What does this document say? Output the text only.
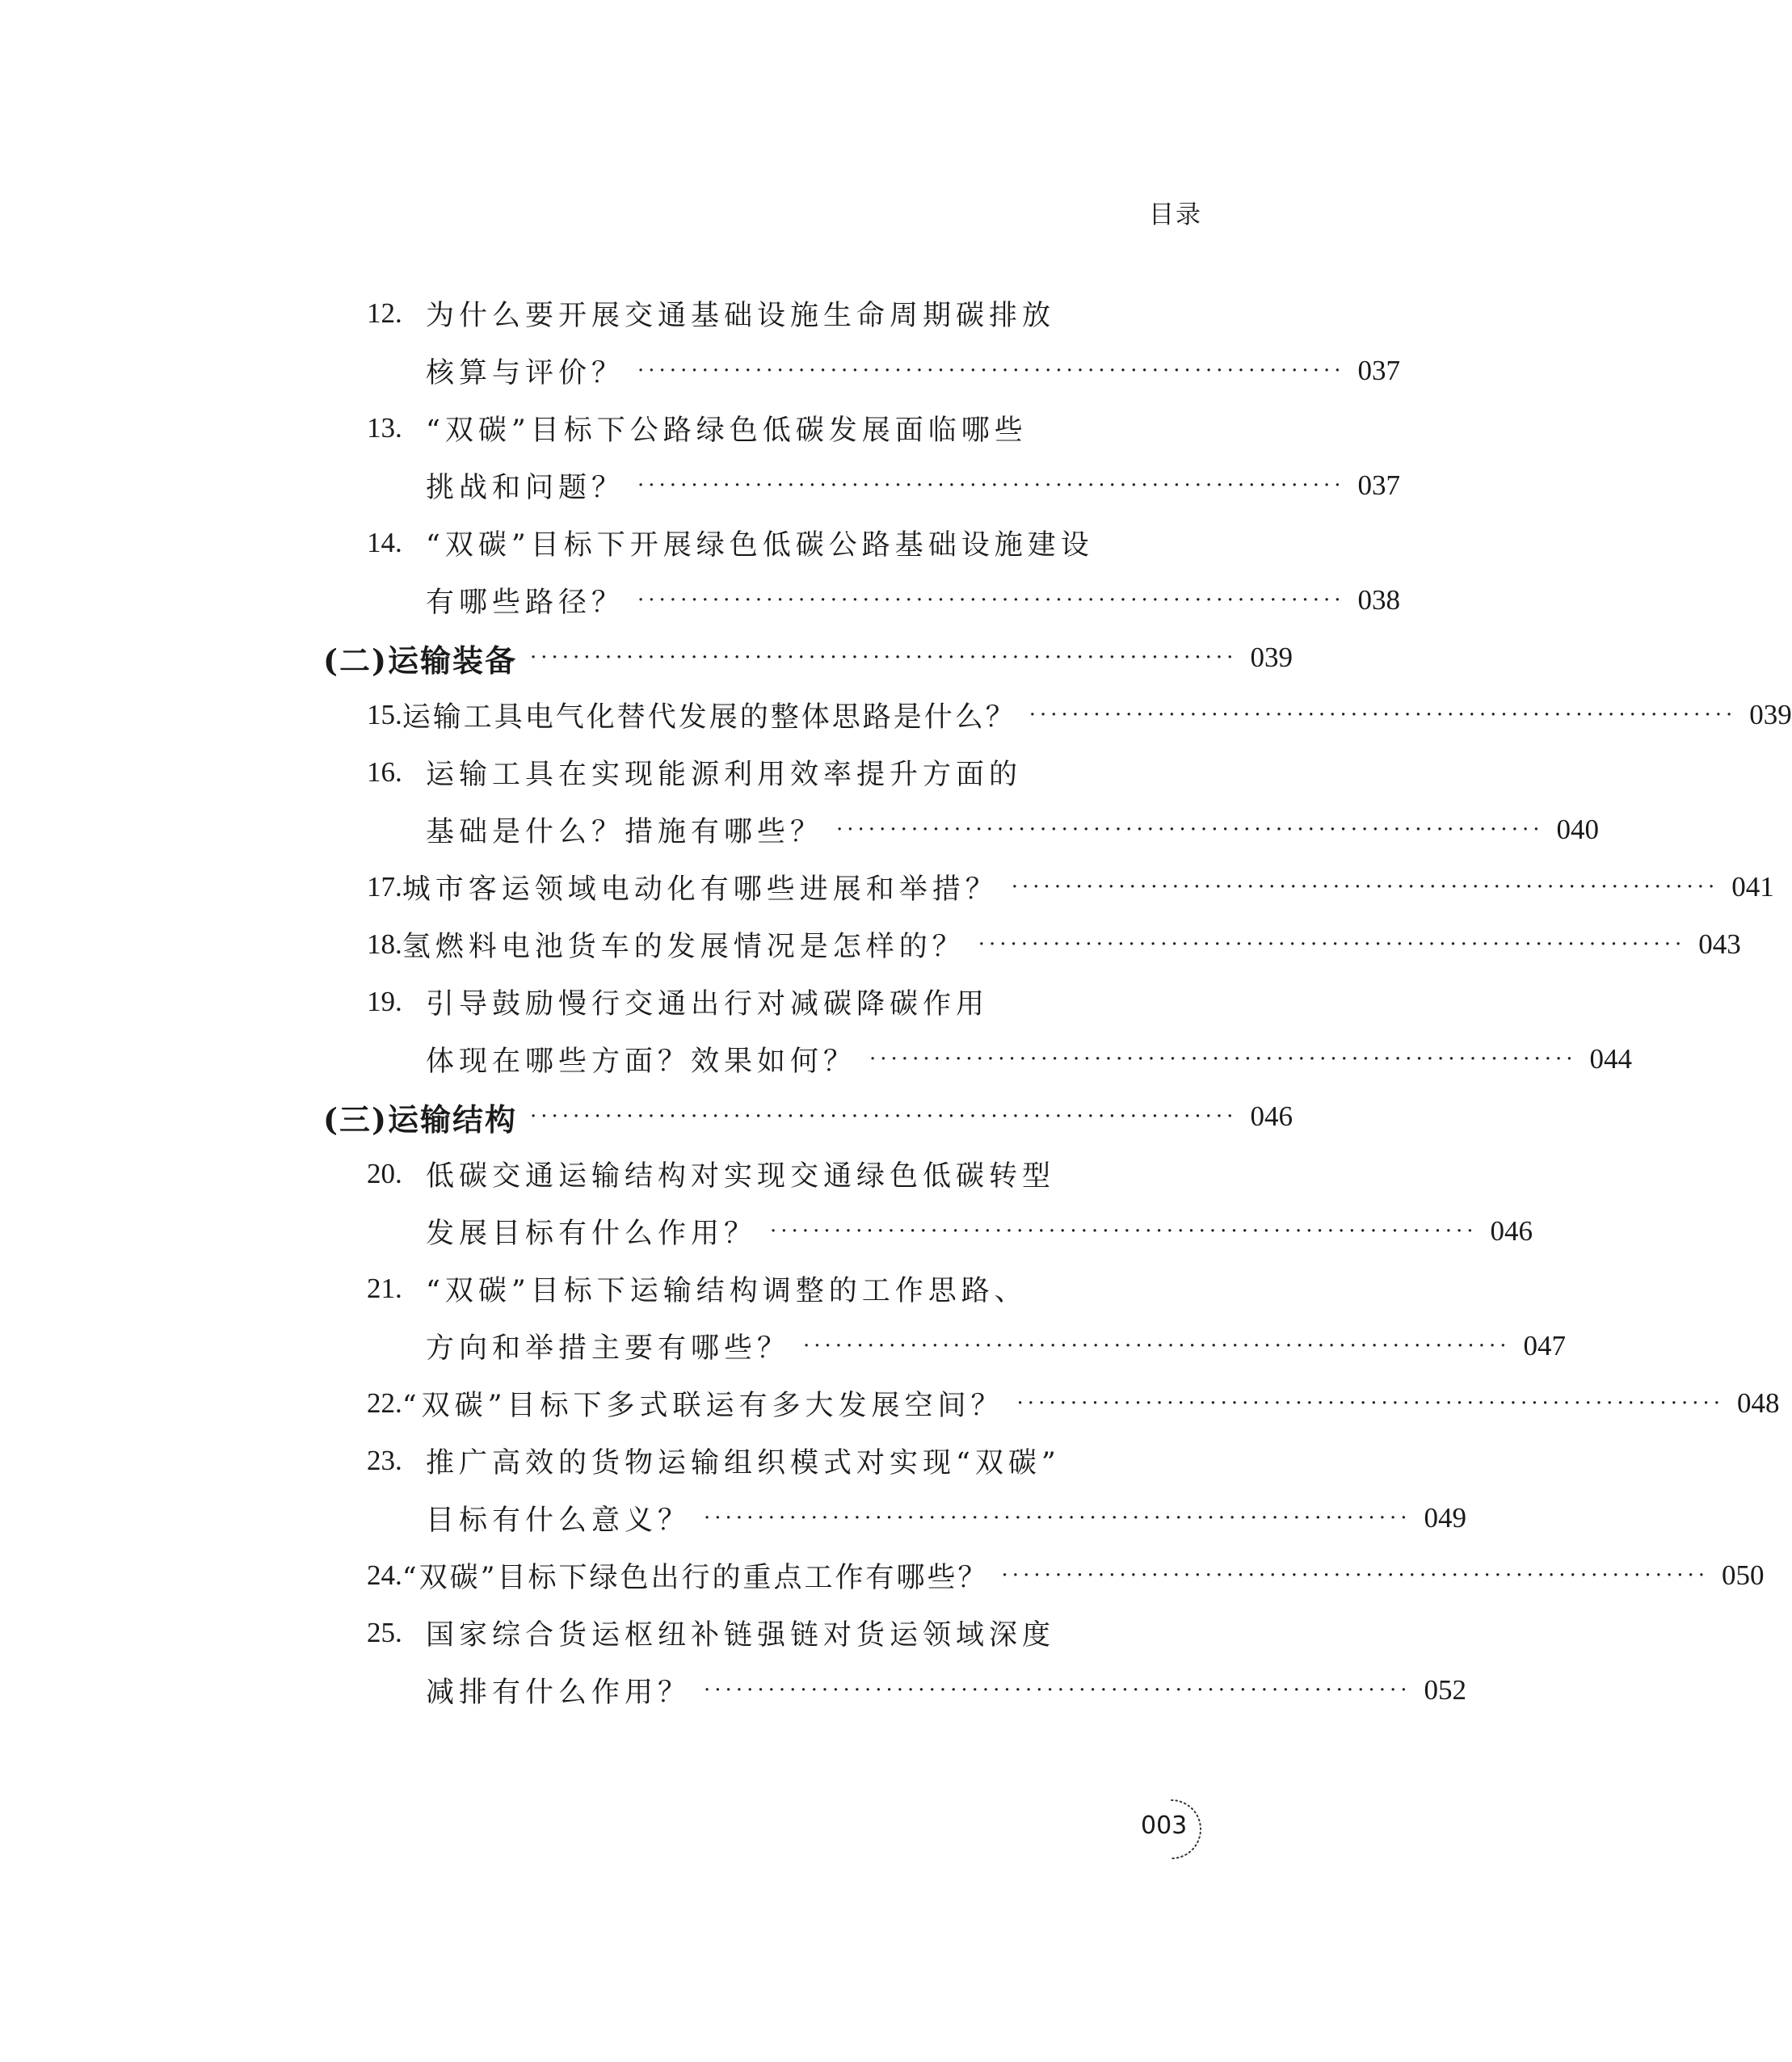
目录
12. 为什么要开展交通基础设施生命周期碳排放
核算与评价？ ·································································· 037
13. “双碳”目标下公路绿色低碳发展面临哪些
挑战和问题？ ·································································· 037
14. “双碳”目标下开展绿色低碳公路基础设施建设
有哪些路径？ ·································································· 038
(二)运输装备 ·································································· 039
15. 运输工具电气化替代发展的整体思路是什么？ ·································································· 039
16. 运输工具在实现能源利用效率提升方面的
基础是什么？措施有哪些？ ·································································· 040
17. 城市客运领域电动化有哪些进展和举措？ ·································································· 041
18. 氢燃料电池货车的发展情况是怎样的？ ·································································· 043
19. 引导鼓励慢行交通出行对减碳降碳作用
体现在哪些方面？效果如何？ ·································································· 044
(三)运输结构 ·································································· 046
20. 低碳交通运输结构对实现交通绿色低碳转型
发展目标有什么作用？ ·································································· 046
21. “双碳”目标下运输结构调整的工作思路、
方向和举措主要有哪些？ ·································································· 047
22. “双碳”目标下多式联运有多大发展空间？ ·································································· 048
23. 推广高效的货物运输组织模式对实现“双碳”
目标有什么意义？ ·································································· 049
24. “双碳”目标下绿色出行的重点工作有哪些？ ·································································· 050
25. 国家综合货运枢纽补链强链对货运领域深度
减排有什么作用？ ·································································· 052
003
